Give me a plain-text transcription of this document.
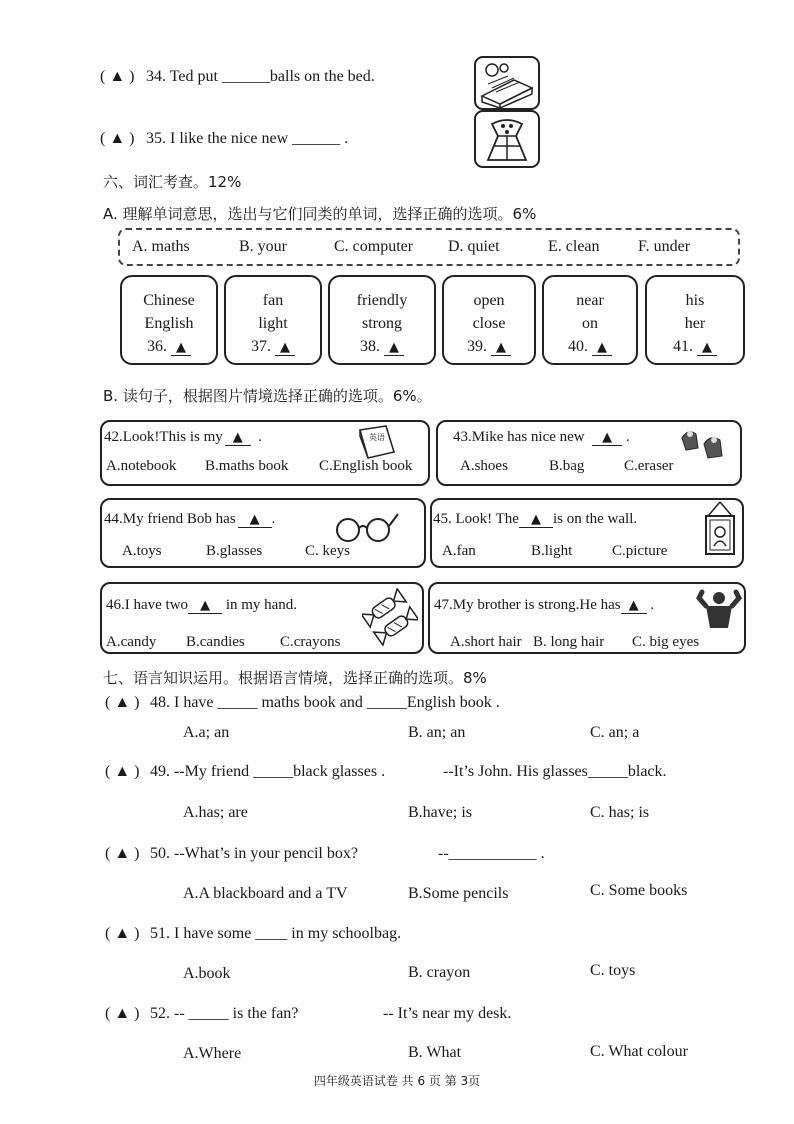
( ▲ ) 34. Ted put ______balls on the bed.
( ▲ ) 35. I like the nice new ______ .
六、词汇考查。12%
A. 理解单词意思，选出与它们同类的单词，选择正确的选项。6%
A. maths	B. your	C. computer D. quiet	E. clean F. under
Chinese
English
36. ▲
fan
light
37. ▲
friendly
strong
38. ▲
open
close
39. ▲
near
on
40. ▲
his
her
41. ▲
B. 读句子，根据图片情境选择正确的选项。6%。
42.Look!This is my ▲ .
A.notebook B.maths book C.English book
英语	43.Mike has nice new ▲ .
A.shoes	B.bag	C.eraser
44.My friend Bob has ▲ .
A.toys	B.glasses	C. keys
45. Look! The ▲ is on the wall.
A.fan	B.light	C.picture
46.I have two ▲ in my hand.
A.candy B.candies C.crayons
47.My brother is strong.He has ▲ .
A.short hair B. long hair C. big eyes
七、语言知识运用。根据语言情境，选择正确的选项。8%
( ▲ ) 48. I have _____ maths book and _____English book .
A.a; an	B. an; an	C. an; a
( ▲ ) 49. --My friend _____black glasses .	--It’s John. His glasses_____black.
A.has; are	B.have; is	C. has; is
( ▲ ) 50. --What’s in your pencil box?	--___________ .
A.A blackboard and a TV	B.Some pencils	C. Some books
( ▲ ) 51. I have some ____ in my schoolbag.
A.book	B. crayon	C. toys
( ▲ ) 52. -- _____ is the fan?	-- It’s near my desk.
A.Where	B. What	C. What colour
四年级英语试卷 共 6 页 第 3页
